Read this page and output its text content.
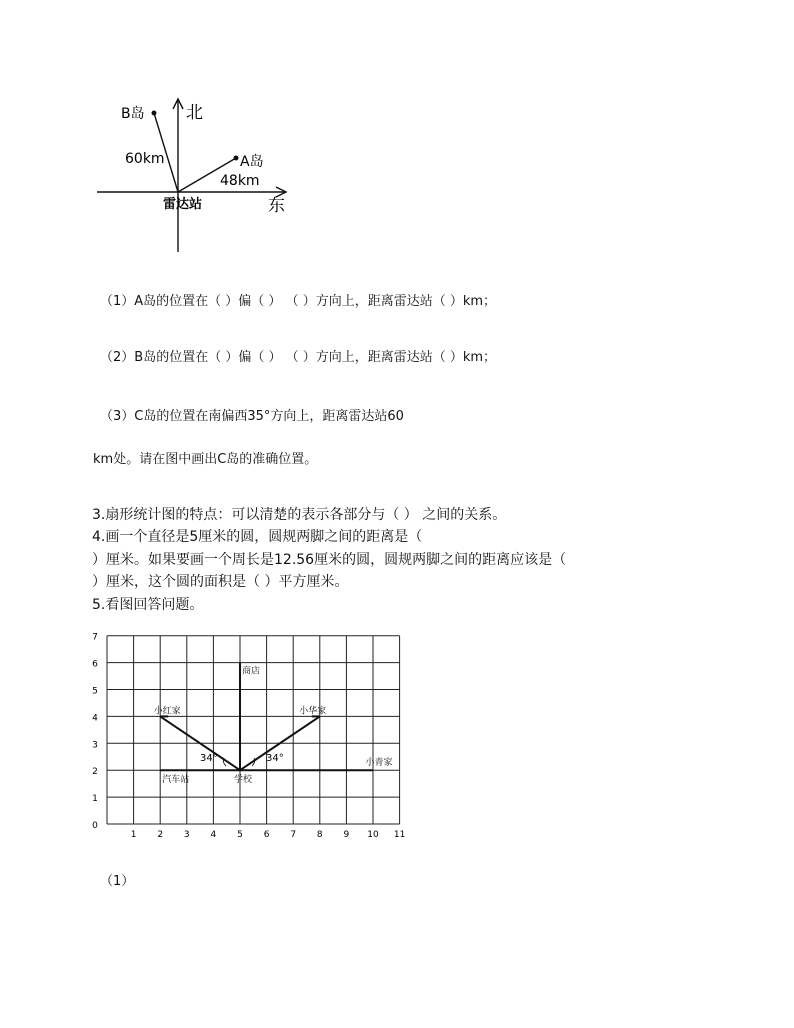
北
东
雷达站
B岛
60km	A岛
48km
（1）A岛的位置在（ ）偏（ ） （ ）方向上，距离雷达站（ ）km；
（2）B岛的位置在（ ）偏（ ） （ ）方向上，距离雷达站（ ）km；
（3）C岛的位置在南偏西35°方向上，距离雷达站60
km处。请在图中画出C岛的准确位置。
3.扇形统计图的特点：可以清楚的表示各部分与（ ） 之间的关系。
4.画一个直径是5厘米的圆，圆规两脚之间的距离是（
）厘米。如果要画一个周长是12.56厘米的圆，圆规两脚之间的距离应该是（
）厘米，这个圆的面积是（ ）平方厘米。
5.看图回答问题。
1 2 3 4 5 6 7 8 9 10 11
0
1
2
3
4
5
6
7
商店
小红家	小华家
汽车站	学校
小青家
34°	34°
（1）
